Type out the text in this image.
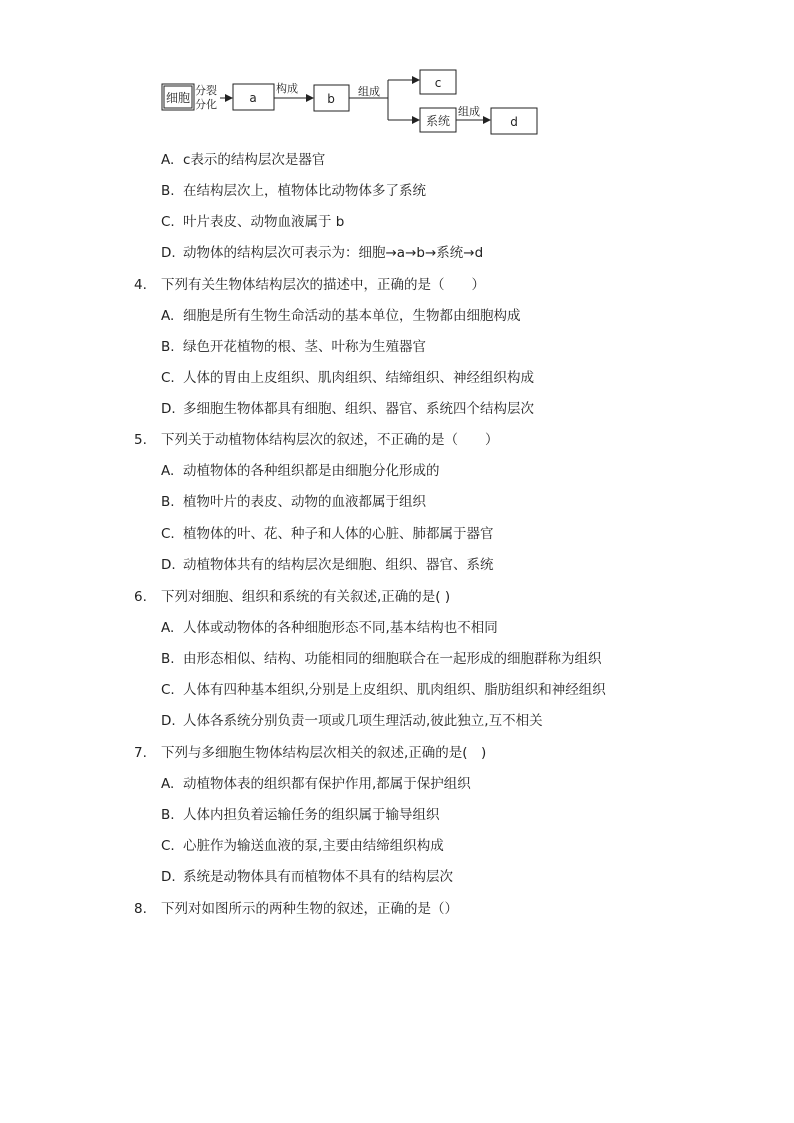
细胞
分裂
分化	a
构成
b
组成
c
系统
组成
d
A. c表示的结构层次是器官
B. 在结构层次上，植物体比动物体多了系统
C. 叶片表皮、动物血液属于 b
D. 动物体的结构层次可表示为：细胞→a→b→系统→d
4. 下列有关生物体结构层次的描述中，正确的是（　　）
A. 细胞是所有生物生命活动的基本单位，生物都由细胞构成
B. 绿色开花植物的根、茎、叶称为生殖器官
C. 人体的胃由上皮组织、肌肉组织、结缔组织、神经组织构成
D. 多细胞生物体都具有细胞、组织、器官、系统四个结构层次
5. 下列关于动植物体结构层次的叙述，不正确的是（　　）
A. 动植物体的各种组织都是由细胞分化形成的
B. 植物叶片的表皮、动物的血液都属于组织
C. 植物体的叶、花、种子和人体的心脏、肺都属于器官
D. 动植物体共有的结构层次是细胞、组织、器官、系统
6. 下列对细胞、组织和系统的有关叙述,正确的是( )
A. 人体或动物体的各种细胞形态不同,基本结构也不相同
B. 由形态相似、结构、功能相同的细胞联合在一起形成的细胞群称为组织
C. 人体有四种基本组织,分别是上皮组织、肌肉组织、脂肪组织和神经组织
D. 人体各系统分别负责一项或几项生理活动,彼此独立,互不相关
7. 下列与多细胞生物体结构层次相关的叙述,正确的是(　)
A. 动植物体表的组织都有保护作用,都属于保护组织
B. 人体内担负着运输任务的组织属于输导组织
C. 心脏作为输送血液的泵,主要由结缔组织构成
D. 系统是动物体具有而植物体不具有的结构层次
8. 下列对如图所示的两种生物的叙述，正确的是（）
